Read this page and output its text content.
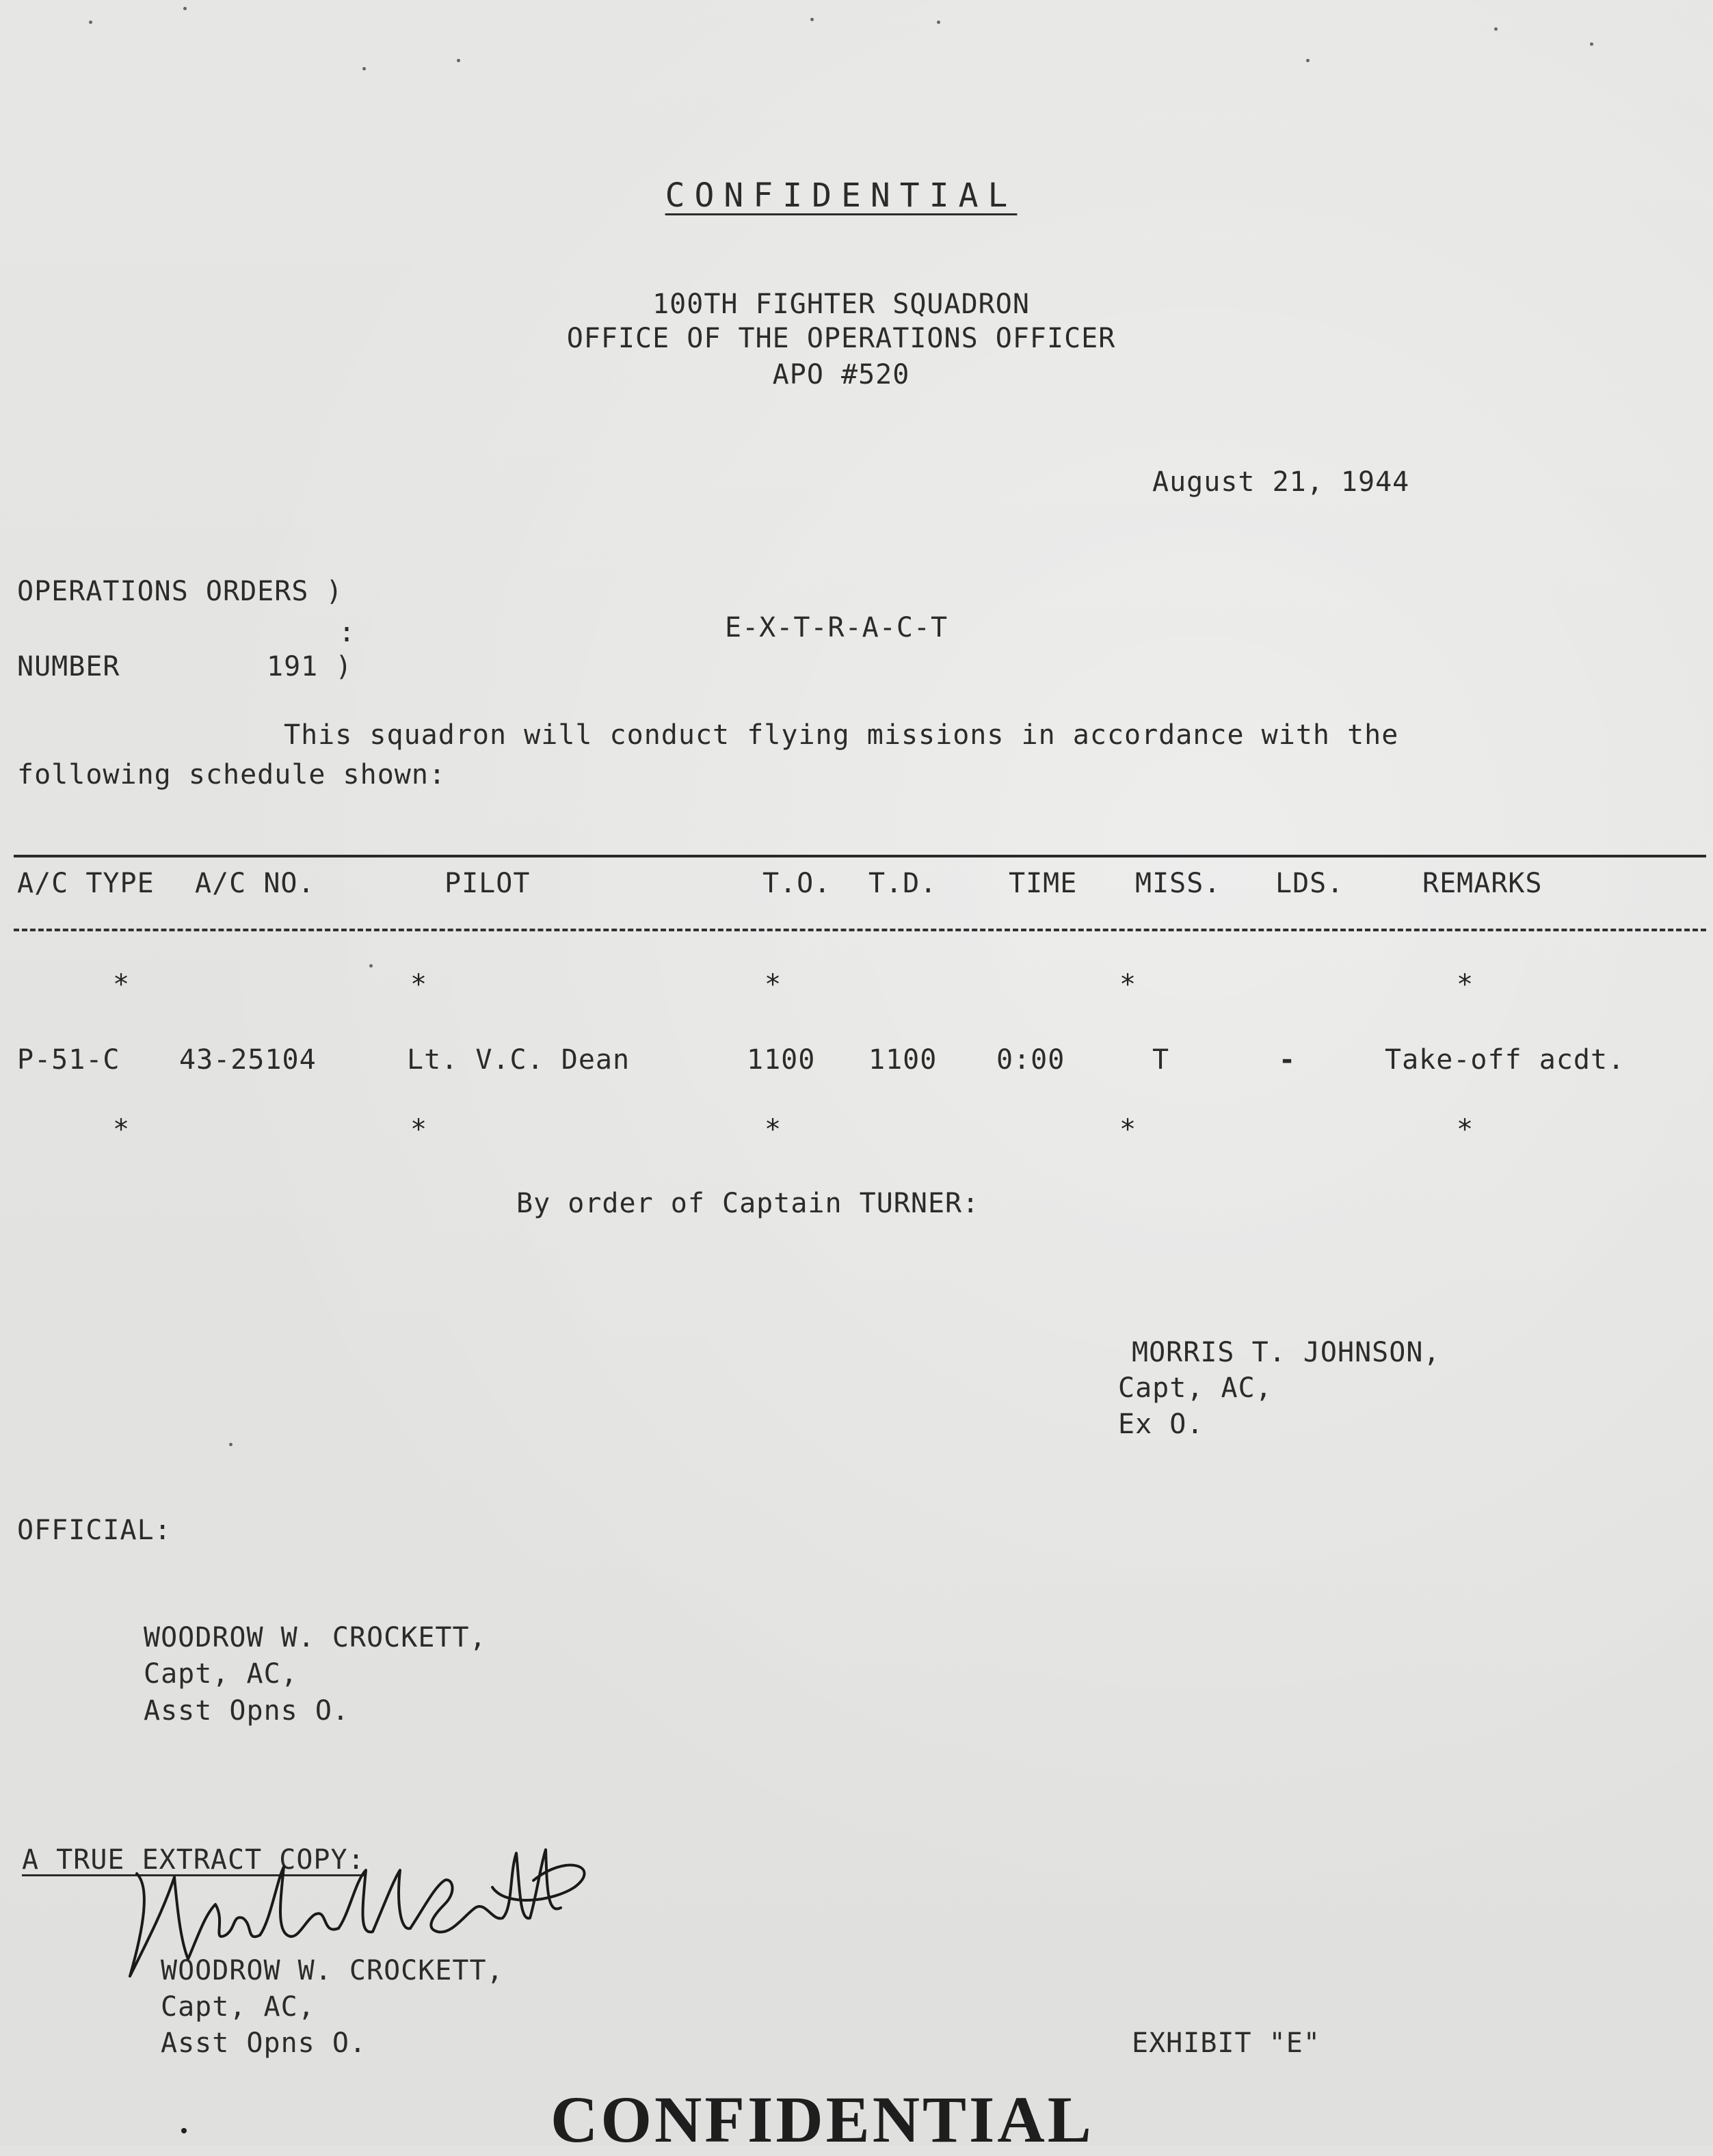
CONFIDENTIAL
100TH FIGHTER SQUADRON
OFFICE OF THE OPERATIONS OFFICER
APO #520
August 21, 1944
OPERATIONS ORDERS )
:
NUMBER	191 )
E-X-T-R-A-C-T
This squadron will conduct flying missions in accordance with the
following schedule shown:
A/C TYPE A/C NO.	PILOT	T.O. T.D.	TIME MISS. LDS.	REMARKS
*	*	*	*	*
P-51-C 43-25104	Lt. V.C. Dean	1100 1100 0:00	T	-	Take-off acdt.
*	*	*	*	*
By order of Captain TURNER:
MORRIS T. JOHNSON,
Capt, AC,
Ex O.
OFFICIAL:
WOODROW W. CROCKETT,
Capt, AC,
Asst Opns O.
A TRUE EXTRACT COPY:
WOODROW W. CROCKETT,
Capt, AC,
Asst Opns O.	EXHIBIT "E"
CONFIDENTIAL
